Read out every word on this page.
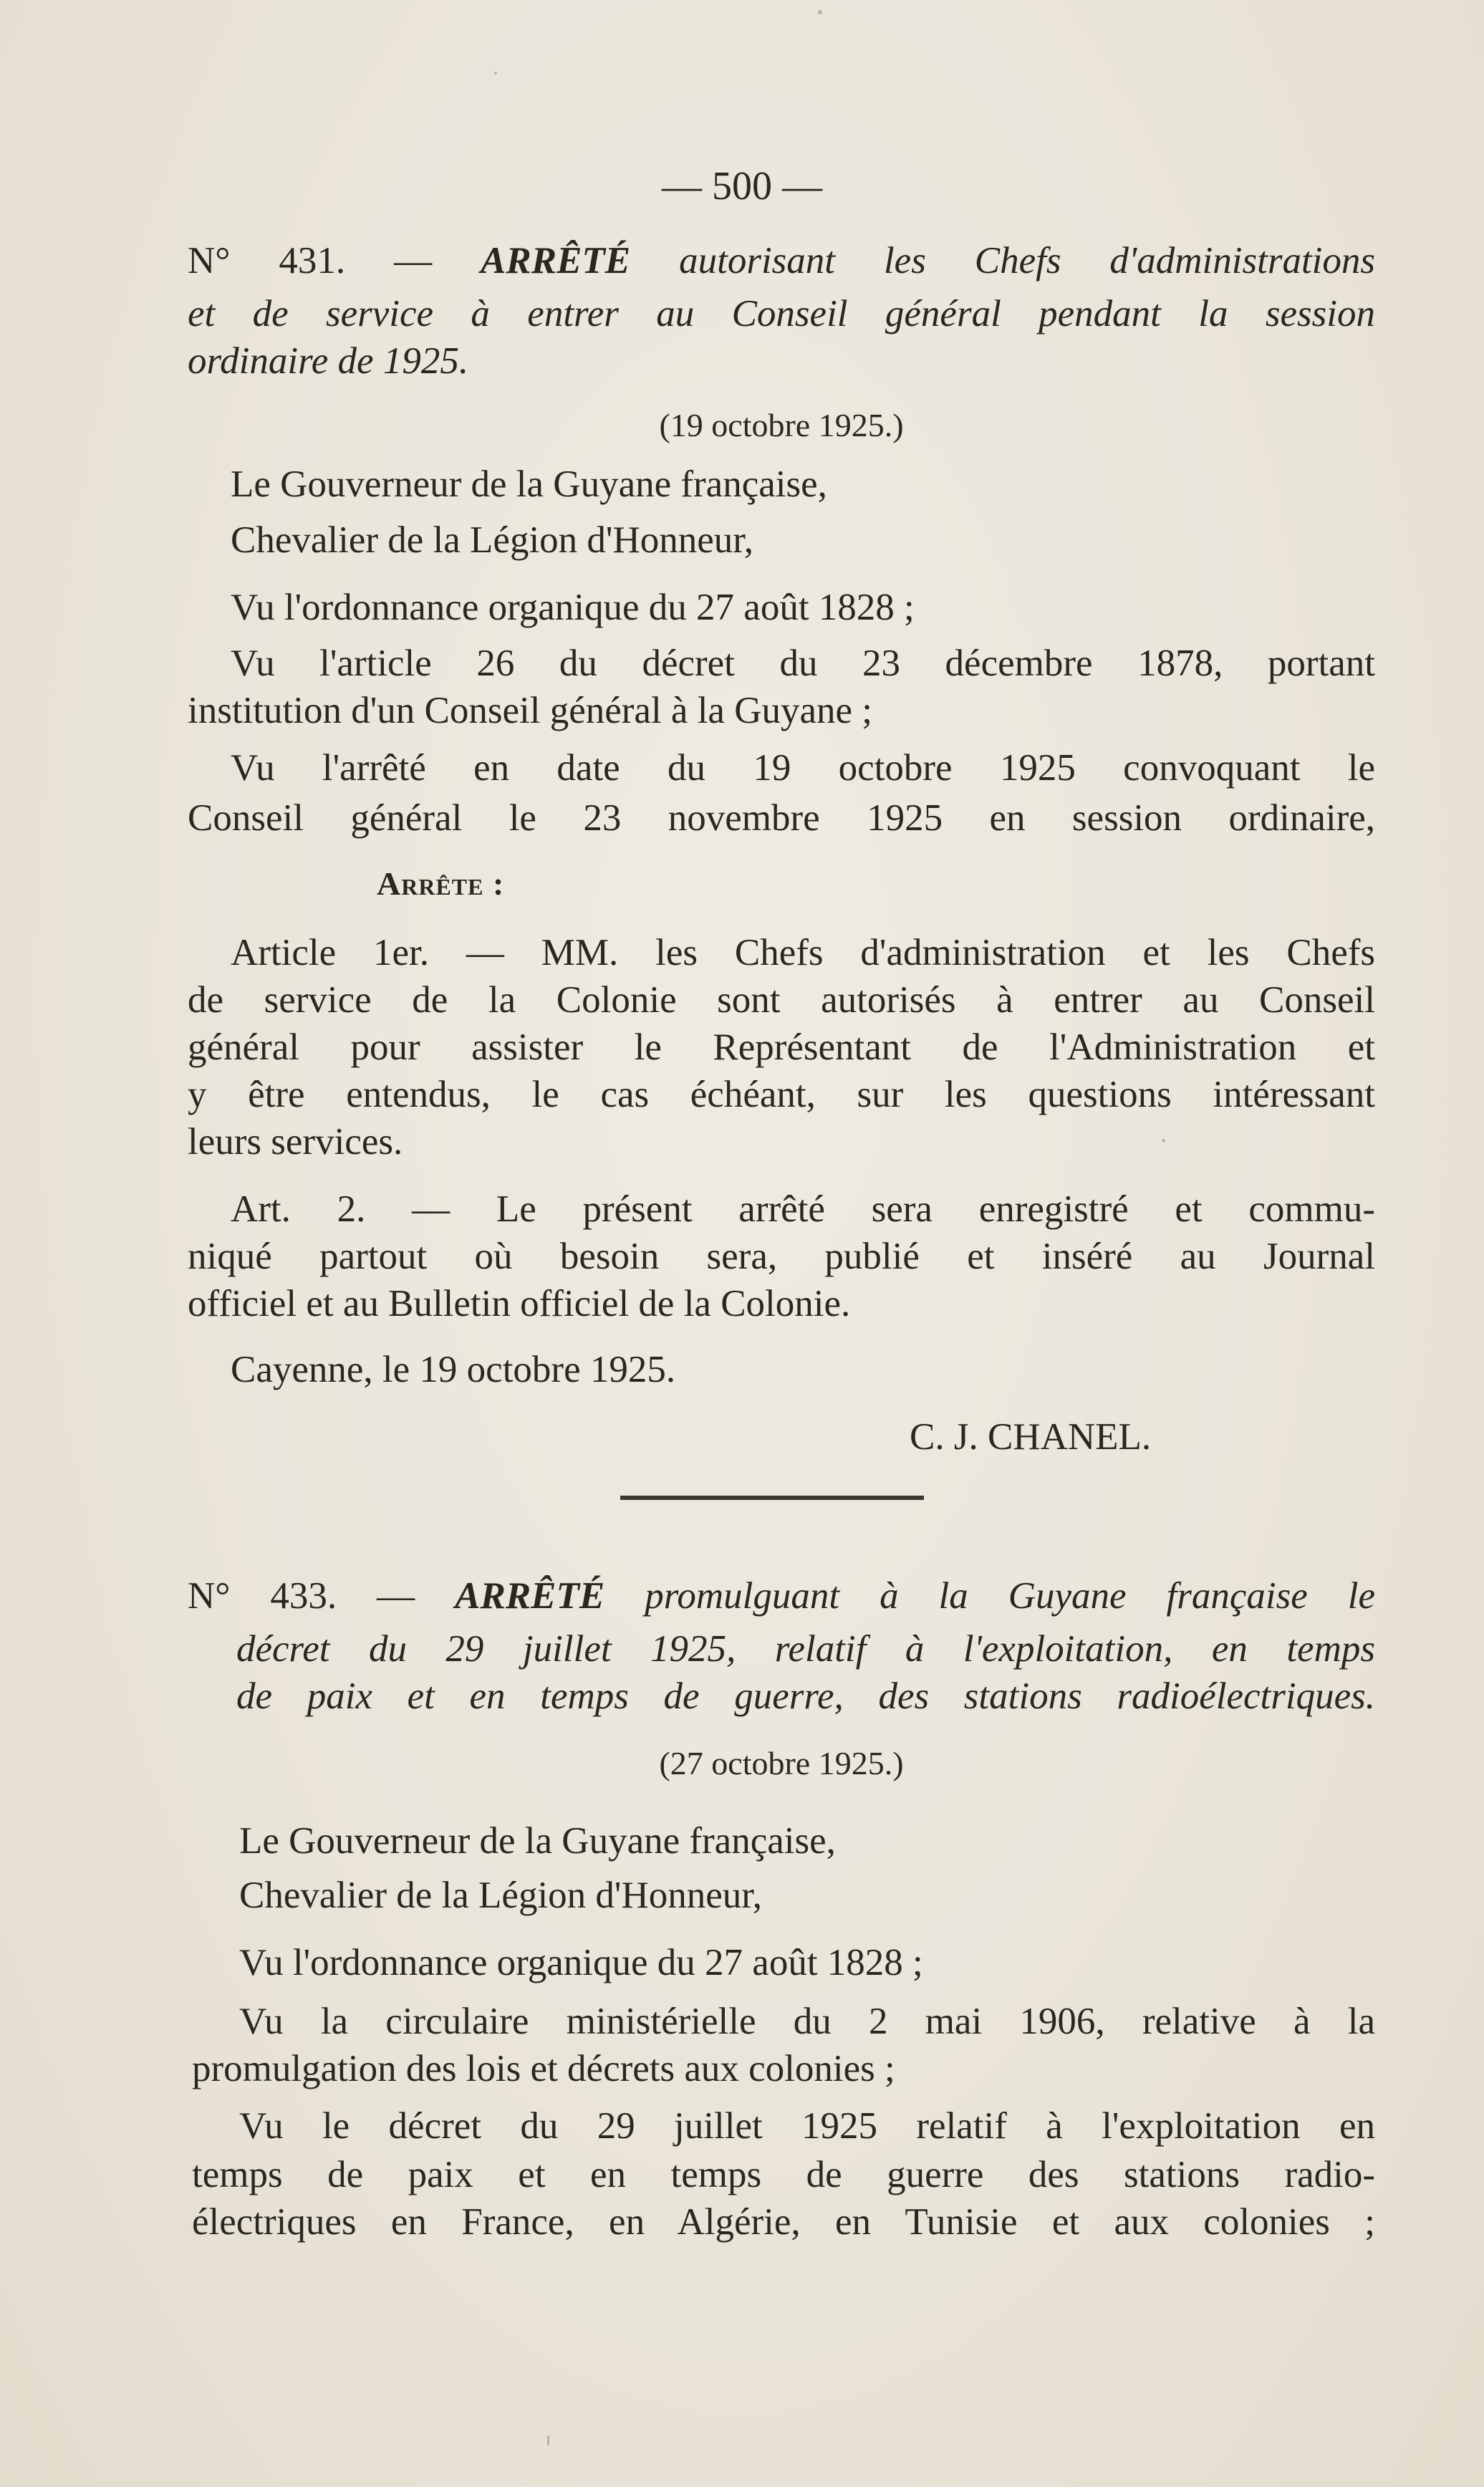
— 500 —
N° 431. — ARRÊTÉ autorisant les Chefs d'administrations
et de service à entrer au Conseil général pendant la session
ordinaire de 1925.
(19 octobre 1925.)
Le Gouverneur de la Guyane française,
Chevalier de la Légion d'Honneur,
Vu l'ordonnance organique du 27 août 1828 ;
Vu l'article 26 du décret du 23 décembre 1878, portant
institution d'un Conseil général à la Guyane ;
Vu l'arrêté en date du 19 octobre 1925 convoquant le
Conseil général le 23 novembre 1925 en session ordinaire,
Arrête :
Article 1er. — MM. les Chefs d'administration et les Chefs
de service de la Colonie sont autorisés à entrer au Conseil
général pour assister le Représentant de l'Administration et
y être entendus, le cas échéant, sur les questions intéressant
leurs services.
Art. 2. — Le présent arrêté sera enregistré et commu-
niqué partout où besoin sera, publié et inséré au Journal
officiel et au Bulletin officiel de la Colonie.
Cayenne, le 19 octobre 1925.
C. J. CHANEL.
N° 433. — ARRÊTÉ promulguant à la Guyane française le
décret du 29 juillet 1925, relatif à l'exploitation, en temps
de paix et en temps de guerre, des stations radioélectriques.
(27 octobre 1925.)
Le Gouverneur de la Guyane française,
Chevalier de la Légion d'Honneur,
Vu l'ordonnance organique du 27 août 1828 ;
Vu la circulaire ministérielle du 2 mai 1906, relative à la
promulgation des lois et décrets aux colonies ;
Vu le décret du 29 juillet 1925 relatif à l'exploitation en
temps de paix et en temps de guerre des stations radio-
électriques en France, en Algérie, en Tunisie et aux colonies ;
